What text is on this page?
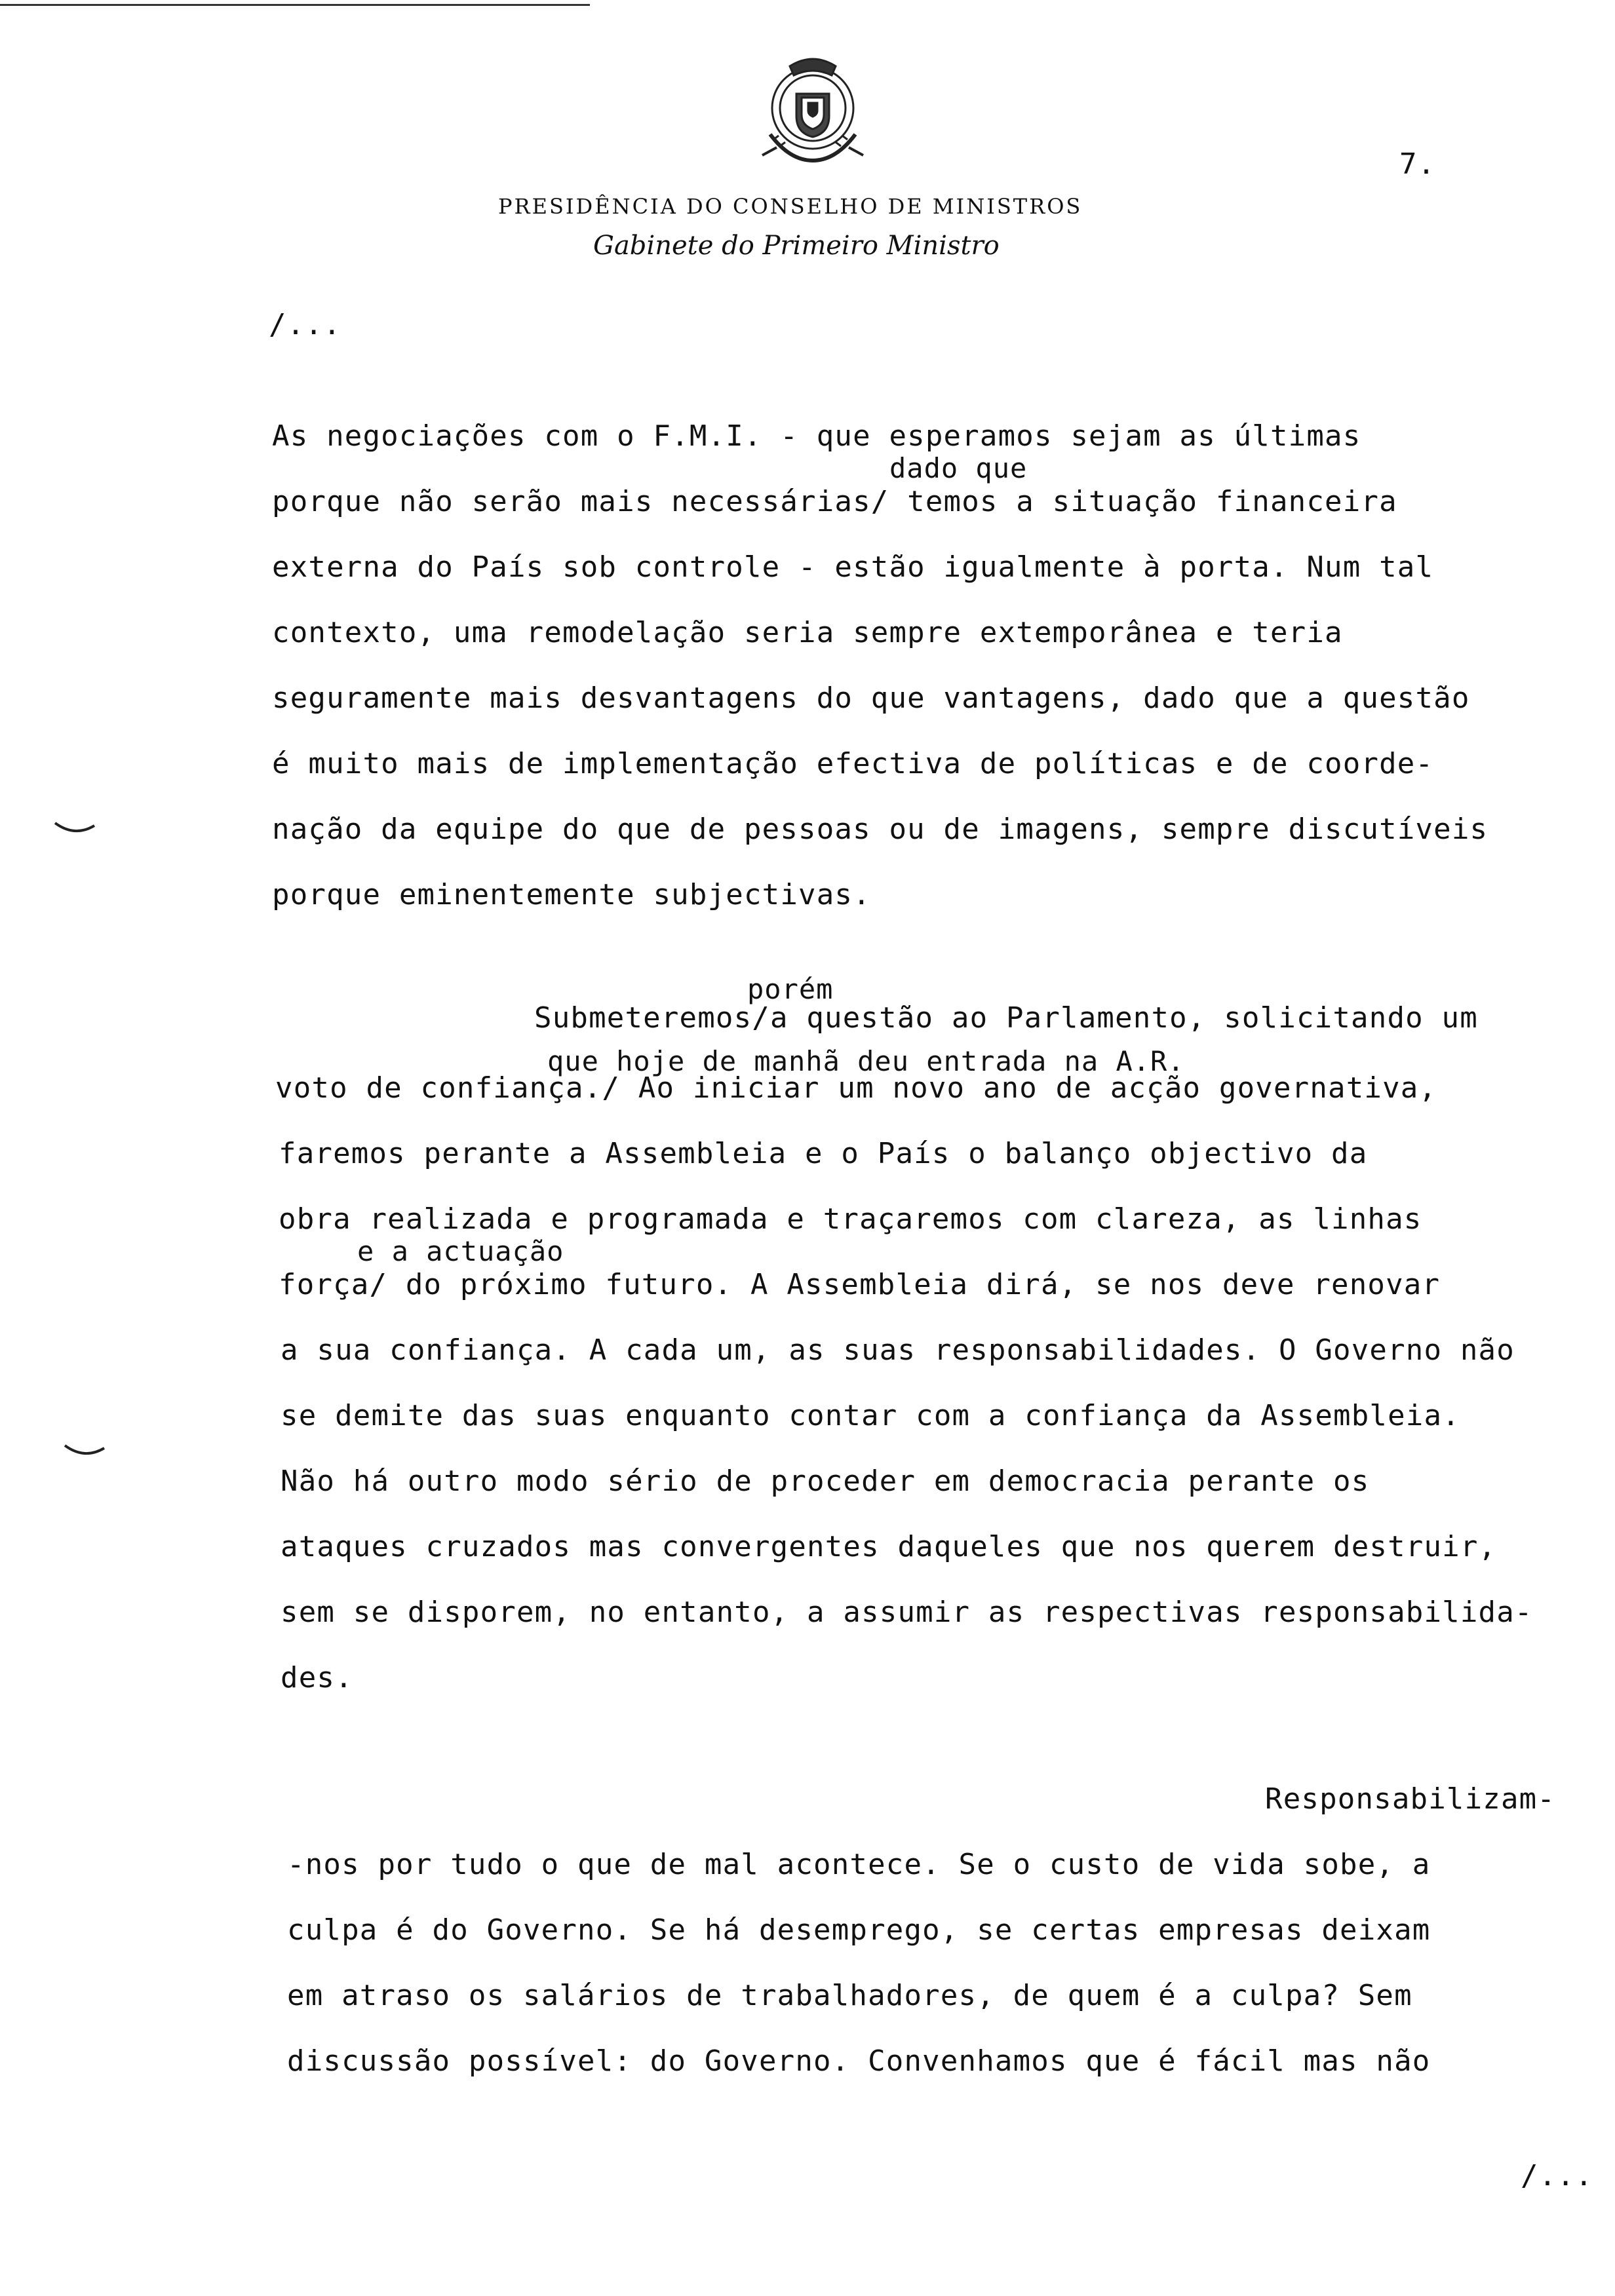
PRESIDÊNCIA DO CONSELHO DE MINISTROS
Gabinete do Primeiro Ministro
7.
/...
dado que
As negociações com o F.M.I. - que esperamos sejam as últimas
porque não serão mais necessárias/ temos a situação financeira
externa do País sob controle - estão igualmente à porta. Num tal
contexto, uma remodelação seria sempre extemporânea e teria
seguramente mais desvantagens do que vantagens, dado que a questão
é muito mais de implementação efectiva de políticas e de coorde-
nação da equipe do que de pessoas ou de imagens, sempre discutíveis
porque eminentemente subjectivas.
porém
Submeteremos/a questão ao Parlamento, solicitando um
que hoje de manhã deu entrada na A.R.
voto de confiança./ Ao iniciar um novo ano de acção governativa,
faremos perante a Assembleia e o País o balanço objectivo da
obra realizada e programada e traçaremos com clareza, as linhas
e a actuação
força/ do próximo futuro. A Assembleia dirá, se nos deve renovar
a sua confiança. A cada um, as suas responsabilidades. O Governo não
se demite das suas enquanto contar com a confiança da Assembleia.
Não há outro modo sério de proceder em democracia perante os
ataques cruzados mas convergentes daqueles que nos querem destruir,
sem se disporem, no entanto, a assumir as respectivas responsabilida-
des.
Responsabilizam-
-nos por tudo o que de mal acontece. Se o custo de vida sobe, a
culpa é do Governo. Se há desemprego, se certas empresas deixam
em atraso os salários de trabalhadores, de quem é a culpa? Sem
discussão possível: do Governo. Convenhamos que é fácil mas não
/...
